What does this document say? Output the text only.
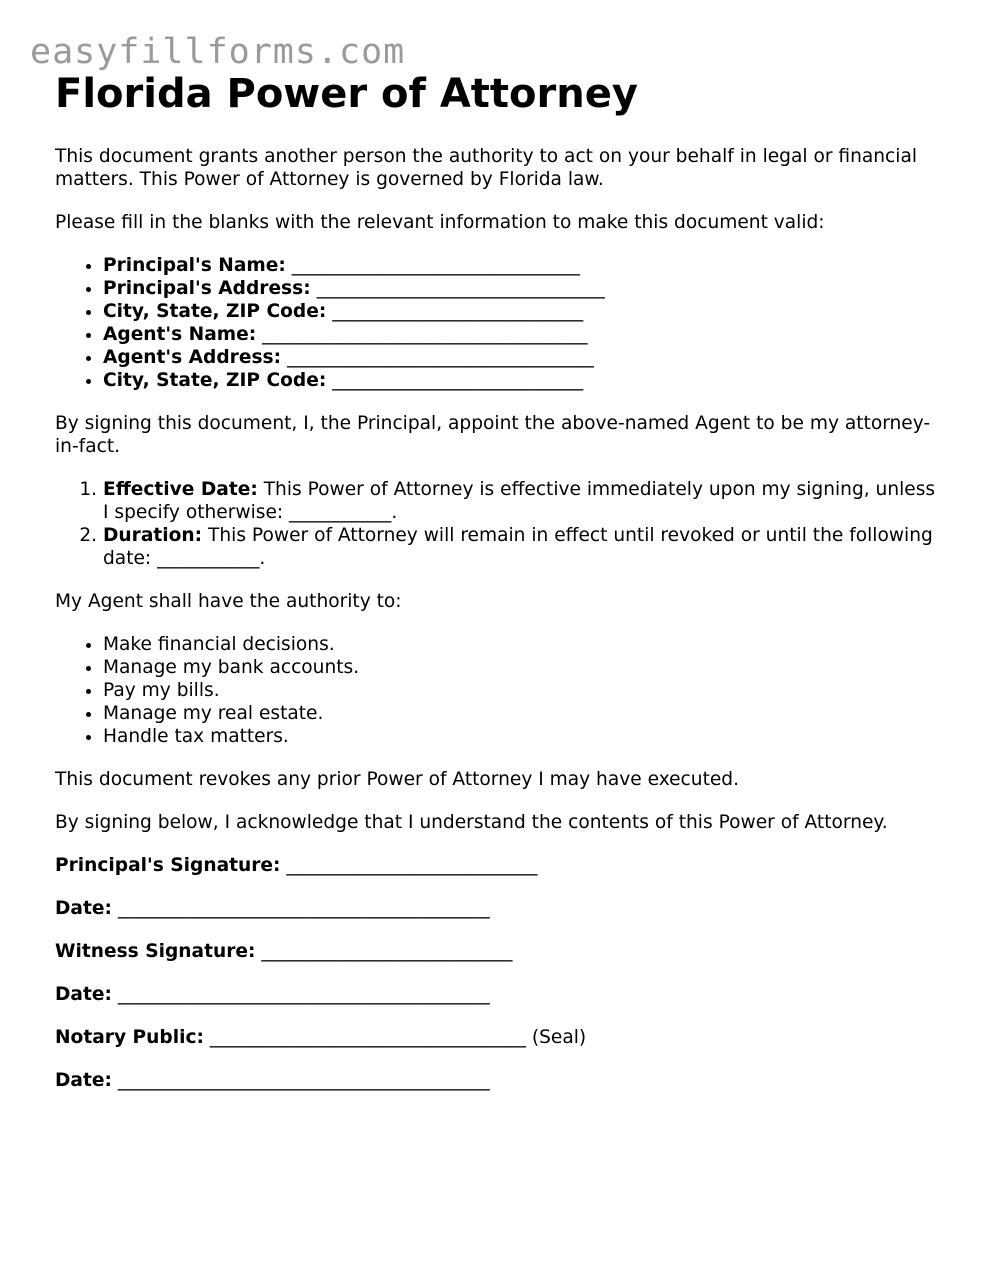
easyfillforms.com
Florida Power of Attorney

This document grants another person the authority to act on your behalf in legal or financial matters. This Power of Attorney is governed by Florida law.

Please fill in the blanks with the relevant information to make this document valid:

• Principal's Name: _______________________________
• Principal's Address: _______________________________
• City, State, ZIP Code: ___________________________
• Agent's Name: ___________________________________
• Agent's Address: _________________________________
• City, State, ZIP Code: ___________________________

By signing this document, I, the Principal, appoint the above-named Agent to be my attorney-in-fact.

1. Effective Date: This Power of Attorney is effective immediately upon my signing, unless I specify otherwise: ___________.
2. Duration: This Power of Attorney will remain in effect until revoked or until the following date: ___________.

My Agent shall have the authority to:

• Make financial decisions.
• Manage my bank accounts.
• Pay my bills.
• Manage my real estate.
• Handle tax matters.

This document revokes any prior Power of Attorney I may have executed.

By signing below, I acknowledge that I understand the contents of this Power of Attorney.

Principal's Signature: ___________________________

Date: ________________________________________

Witness Signature: ___________________________

Date: ________________________________________

Notary Public: __________________________________ (Seal)

Date: ________________________________________
